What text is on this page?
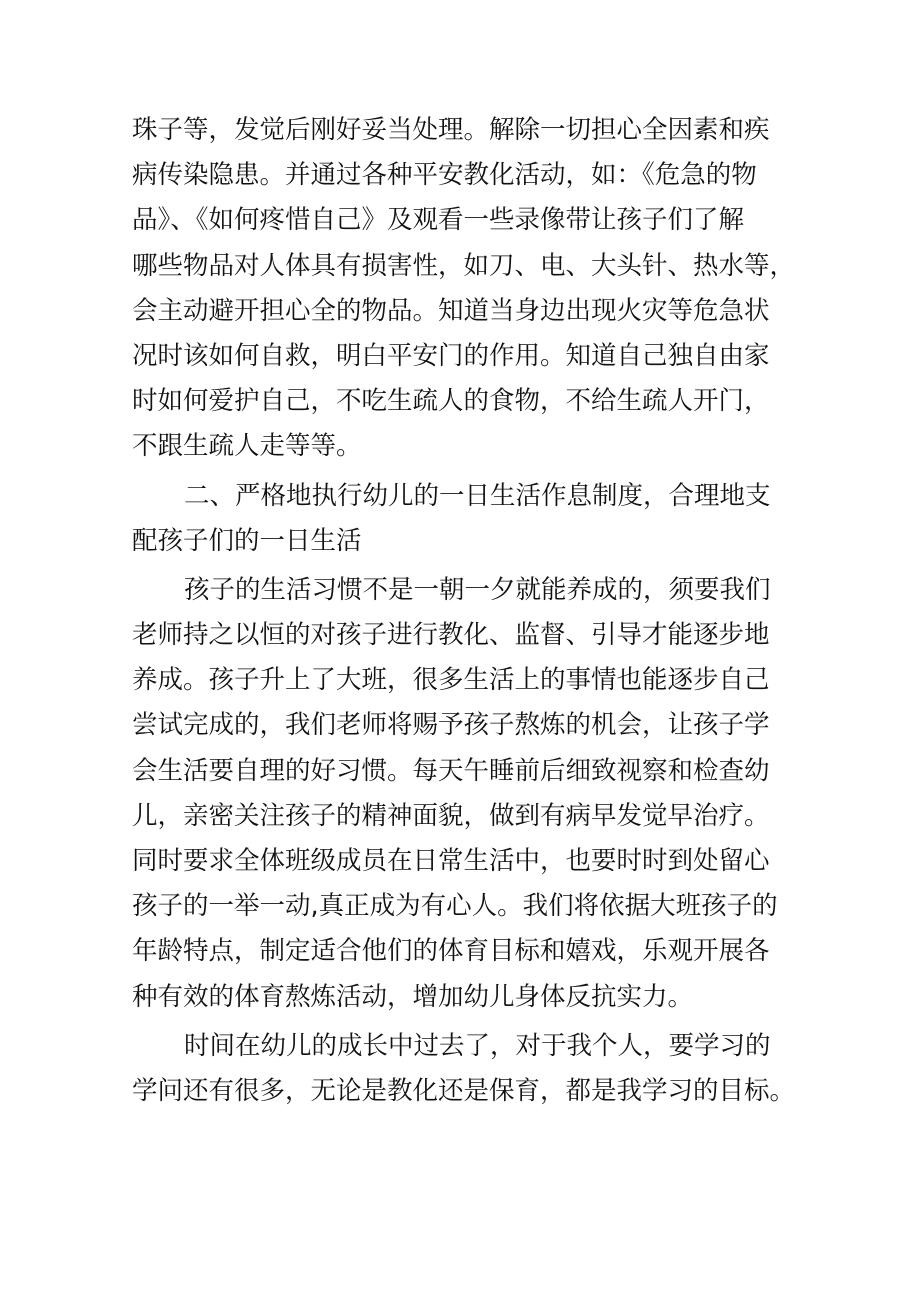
珠子等，发觉后刚好妥当处理。解除一切担心全因素和疾
病传染隐患。并通过各种平安教化活动，如：《危急的物
品》、《如何疼惜自己》及观看一些录像带让孩子们了解
哪些物品对人体具有损害性，如刀、电、大头针、热水等，
会主动避开担心全的物品。知道当身边出现火灾等危急状
况时该如何自救，明白平安门的作用。知道自己独自由家
时如何爱护自己，不吃生疏人的食物，不给生疏人开门，
不跟生疏人走等等。
二、严格地执行幼儿的一日生活作息制度，合理地支
配孩子们的一日生活
孩子的生活习惯不是一朝一夕就能养成的，须要我们
老师持之以恒的对孩子进行教化、监督、引导才能逐步地
养成。孩子升上了大班，很多生活上的事情也能逐步自己
尝试完成的，我们老师将赐予孩子熬炼的机会，让孩子学
会生活要自理的好习惯。每天午睡前后细致视察和检查幼
儿，亲密关注孩子的精神面貌，做到有病早发觉早治疗。
同时要求全体班级成员在日常生活中，也要时时到处留心
孩子的一举一动,真正成为有心人。我们将依据大班孩子的
年龄特点，制定适合他们的体育目标和嬉戏，乐观开展各
种有效的体育熬炼活动，增加幼儿身体反抗实力。
时间在幼儿的成长中过去了，对于我个人，要学习的
学问还有很多，无论是教化还是保育，都是我学习的目标。
